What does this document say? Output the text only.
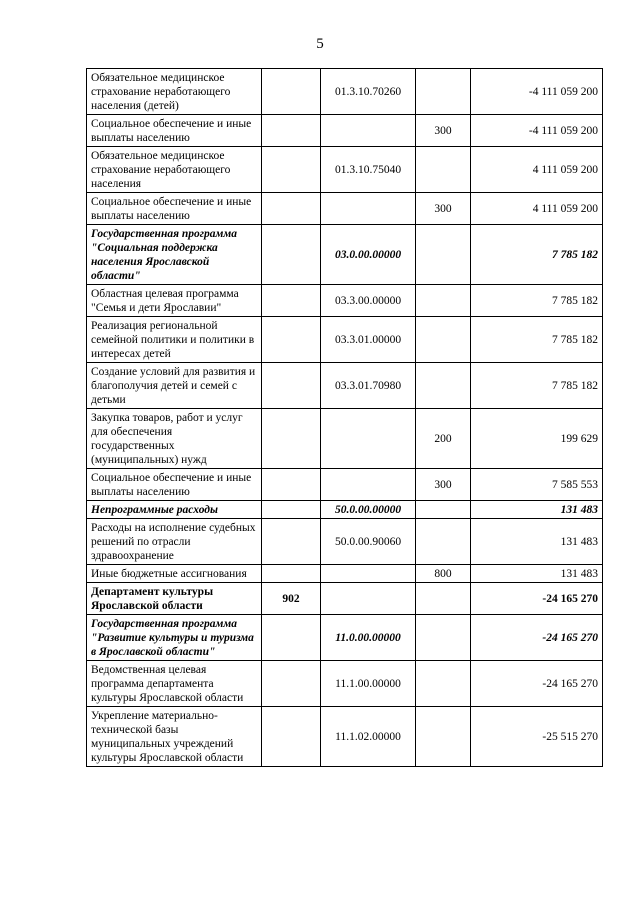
5
Обязательное медицинское страхование неработающего населения (детей)		01.3.10.70260		-4 111 059 200
Социальное обеспечение и иные выплаты населению			300	-4 111 059 200
Обязательное медицинское страхование неработающего населения		01.3.10.75040		4 111 059 200
Социальное обеспечение и иные выплаты населению			300	4 111 059 200
Государственная программа "Социальная поддержка населения Ярославской области"		03.0.00.00000		7 785 182
Областная целевая программа "Семья и дети Ярославии"		03.3.00.00000		7 785 182
Реализация региональной семейной политики и политики в интересах детей		03.3.01.00000		7 785 182
Создание условий для развития и благополучия детей и семей с детьми		03.3.01.70980		7 785 182
Закупка товаров, работ и услуг для обеспечения государственных (муниципальных) нужд			200	199 629
Социальное обеспечение и иные выплаты населению			300	7 585 553
Непрограммные расходы		50.0.00.00000		131 483
Расходы на исполнение судебных решений по отрасли здравоохранение		50.0.00.90060		131 483
Иные бюджетные ассигнования			800	131 483
Департамент культуры Ярославской области	902			-24 165 270
Государственная программа "Развитие культуры и туризма в Ярославской области"		11.0.00.00000		-24 165 270
Ведомственная целевая программа департамента культуры Ярославской области		11.1.00.00000		-24 165 270
Укрепление материально-технической базы муниципальных учреждений культуры Ярославской области		11.1.02.00000		-25 515 270
